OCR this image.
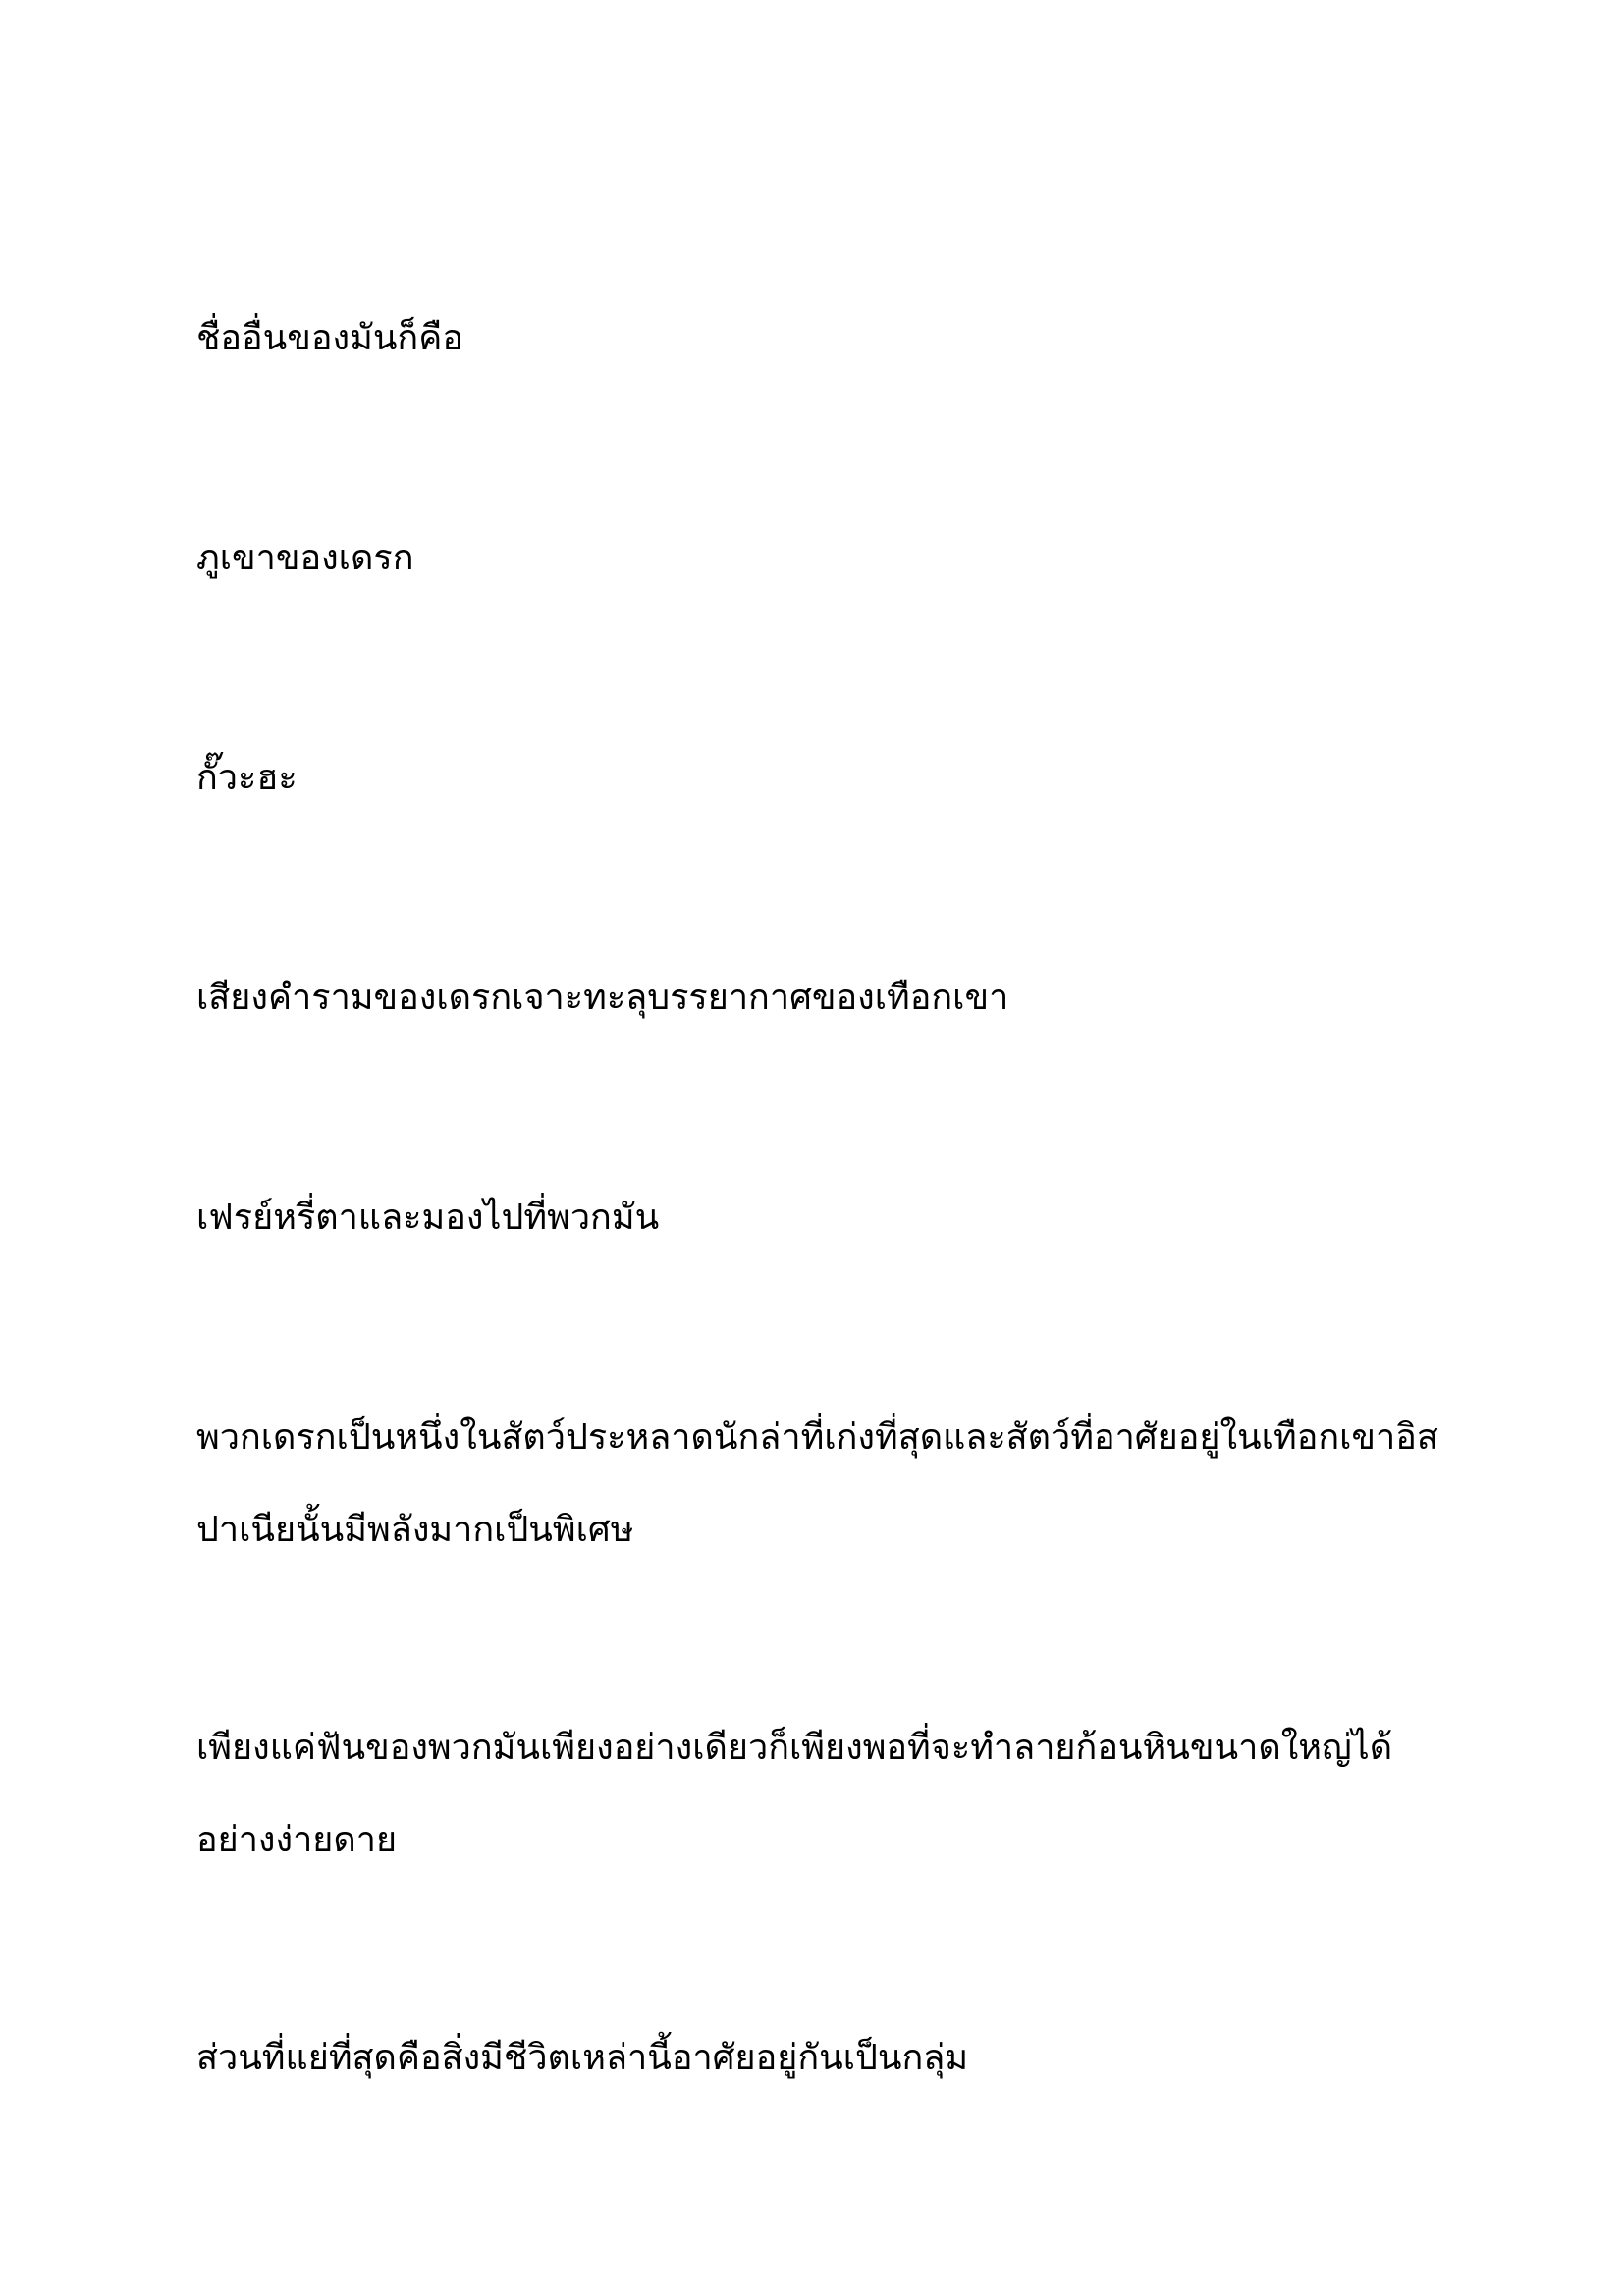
ชื่ออื่นของมันก็คือ

ภูเขาของเดรก

กั๊วะฮะ

เสียงคำรามของเดรกเจาะทะลุบรรยากาศของเทือกเขา

เฟรย์หรี่ตาและมองไปที่พวกมัน

พวกเดรกเป็นหนึ่งในสัตว์ประหลาดนักล่าที่เก่งที่สุดและสัตว์ที่อาศัยอยู่ในเทือกเขาอิสปาเนียนั้นมีพลังมากเป็นพิเศษ

เพียงแค่ฟันของพวกมันเพียงอย่างเดียวก็เพียงพอที่จะทำลายก้อนหินขนาดใหญ่ได้อย่างง่ายดาย

ส่วนที่แย่ที่สุดคือสิ่งมีชีวิตเหล่านี้อาศัยอยู่กันเป็นกลุ่ม
